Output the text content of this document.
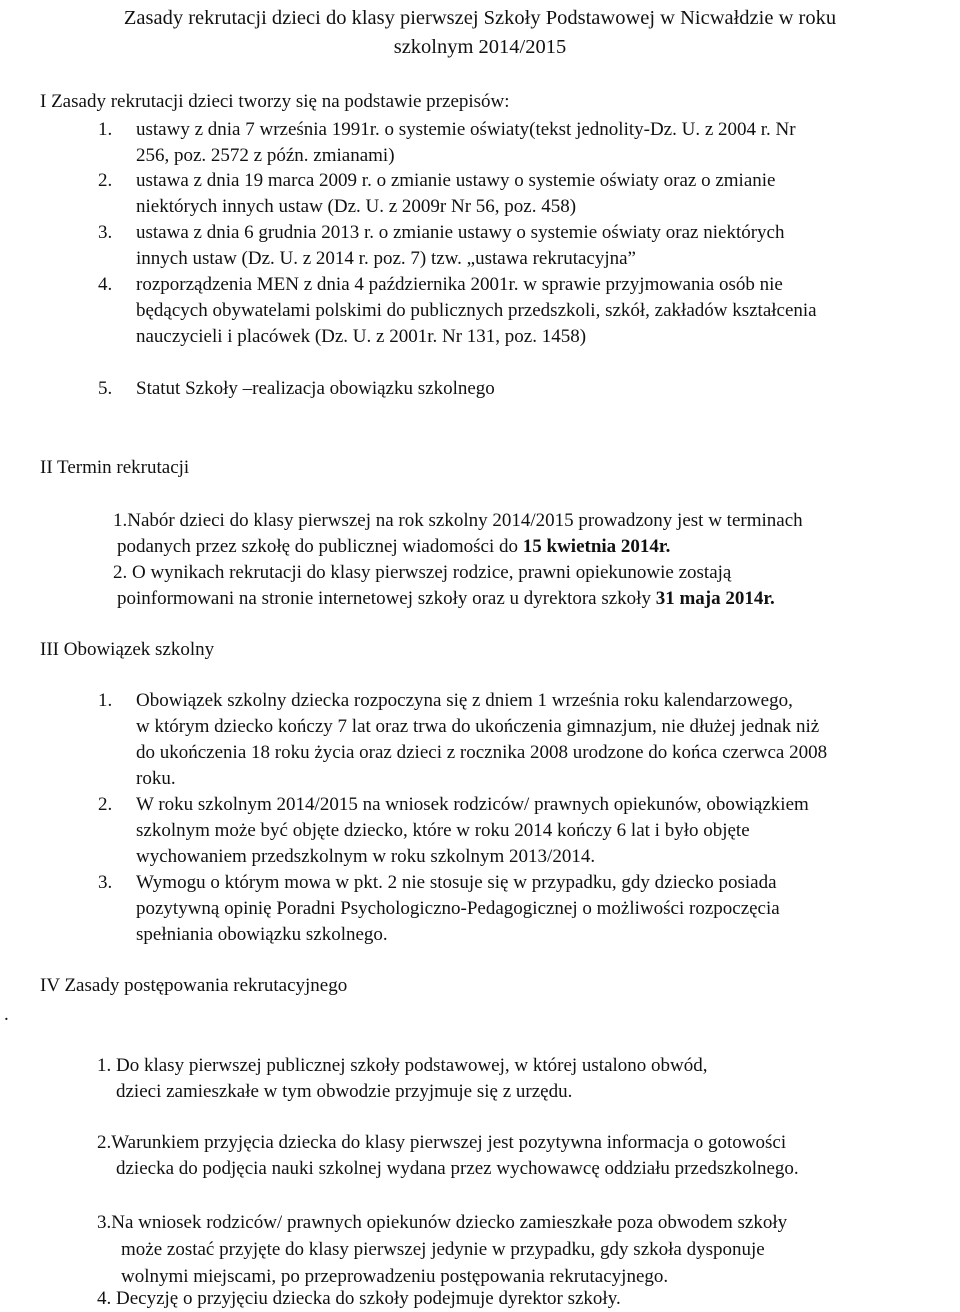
Zasady rekrutacji dzieci do klasy pierwszej Szkoły Podstawowej w Nicwałdzie w roku
szkolnym 2014/2015
I Zasady rekrutacji dzieci tworzy się na podstawie przepisów:
1. ustawy z dnia 7 września 1991r. o systemie oświaty(tekst jednolity-Dz. U. z 2004 r. Nr
256, poz. 2572 z późn. zmianami)
2. ustawa z dnia 19 marca 2009 r. o zmianie ustawy o systemie oświaty oraz o zmianie
niektórych innych ustaw (Dz. U. z 2009r Nr 56, poz. 458)
3. ustawa z dnia 6 grudnia 2013 r. o zmianie ustawy o systemie oświaty oraz niektórych
innych ustaw (Dz. U. z 2014 r. poz. 7) tzw. „ustawa rekrutacyjna”
4. rozporządzenia MEN z dnia 4 października 2001r. w sprawie przyjmowania osób nie
będących obywatelami polskimi do publicznych przedszkoli, szkół, zakładów kształcenia
nauczycieli i placówek (Dz. U. z 2001r. Nr 131, poz. 1458)
5. Statut Szkoły –realizacja obowiązku szkolnego
II Termin rekrutacji
1.Nabór dzieci do klasy pierwszej na rok szkolny 2014/2015 prowadzony jest w terminach
podanych przez szkołę do publicznej wiadomości do 15 kwietnia 2014r.
2. O wynikach rekrutacji do klasy pierwszej rodzice, prawni opiekunowie zostają
poinformowani na stronie internetowej szkoły oraz u dyrektora szkoły 31 maja 2014r.
III Obowiązek szkolny
1. Obowiązek szkolny dziecka rozpoczyna się z dniem 1 września roku kalendarzowego,
w którym dziecko kończy 7 lat oraz trwa do ukończenia gimnazjum, nie dłużej jednak niż
do ukończenia 18 roku życia oraz dzieci z rocznika 2008 urodzone do końca czerwca 2008
roku.
2. W roku szkolnym 2014/2015 na wniosek rodziców/ prawnych opiekunów, obowiązkiem
szkolnym może być objęte dziecko, które w roku 2014 kończy 6 lat i było objęte
wychowaniem przedszkolnym w roku szkolnym 2013/2014.
3. Wymogu o którym mowa w pkt. 2 nie stosuje się w przypadku, gdy dziecko posiada
pozytywną opinię Poradni Psychologiczno-Pedagogicznej o możliwości rozpoczęcia
spełniania obowiązku szkolnego.
IV Zasady postępowania rekrutacyjnego
.
1. Do klasy pierwszej publicznej szkoły podstawowej, w której ustalono obwód,
dzieci zamieszkałe w tym obwodzie przyjmuje się z urzędu.
2.Warunkiem przyjęcia dziecka do klasy pierwszej jest pozytywna informacja o gotowości
dziecka do podjęcia nauki szkolnej wydana przez wychowawcę oddziału przedszkolnego.
3.Na wniosek rodziców/ prawnych opiekunów dziecko zamieszkałe poza obwodem szkoły
może zostać przyjęte do klasy pierwszej jedynie w przypadku, gdy szkoła dysponuje
wolnymi miejscami, po przeprowadzeniu postępowania rekrutacyjnego.
4. Decyzję o przyjęciu dziecka do szkoły podejmuje dyrektor szkoły.
